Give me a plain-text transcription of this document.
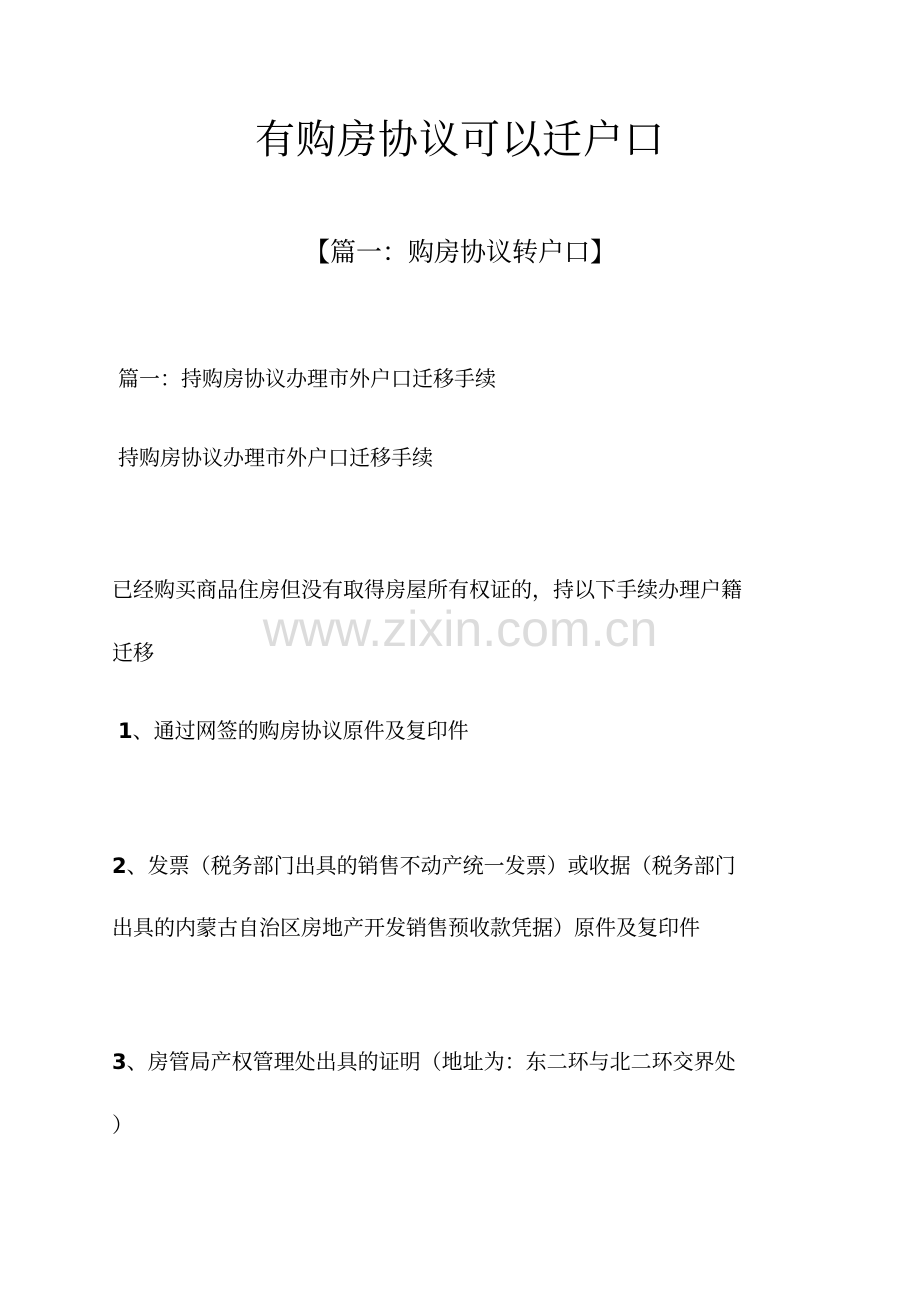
有购房协议可以迁户口
【篇一：购房协议转户口】

篇一：持购房协议办理市外户口迁移手续

持购房协议办理市外户口迁移手续

已经购买商品住房但没有取得房屋所有权证的，持以下手续办理户籍

迁移

1、通过网签的购房协议原件及复印件

2、发票（税务部门出具的销售不动产统一发票）或收据（税务部门

出具的内蒙古自治区房地产开发销售预收款凭据）原件及复印件

3、房管局产权管理处出具的证明（地址为：东二环与北二环交界处

）

www.zixin.com.cn
